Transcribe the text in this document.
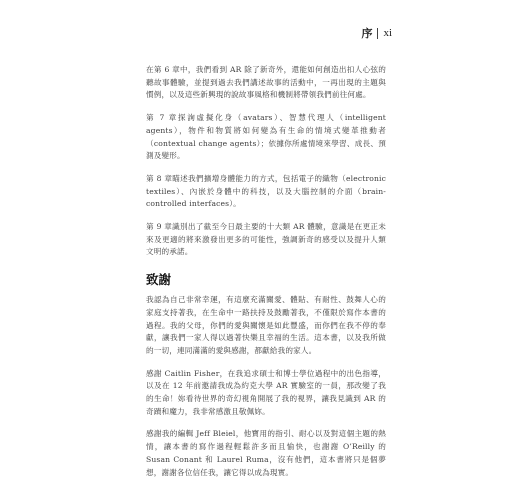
序 xi

在第 6 章中，我們看到 AR 除了新奇外，還能如何創造出扣人心弦的聽故事體驗，並提到過去我們講述故事的活動中，一再出現的主題與慣例，以及這些新興現的說故事風格和機制將帶領我們前往何處。

第 7 章探詢虛擬化身（avatars）、智慧代理人（intelligent agents），物件和物質將如何變為有生命的情境式變革推動者（contextual change agents）；依據你所處情境來學習、成長、預測及變形。

第 8 章瞄述我們擴增身體能力的方式，包括電子的織物（electronic textiles）、內嵌於身體中的科技，以及大腦控制的介面（brain-controlled interfaces）。

第 9 章識別出了截至今日最主要的十大類 AR 體驗，意識是在更正未來及更適的將來激發出更多的可能性，強調新奇的感受以及提升人類文明的承諾。

致謝

我認為自己非常幸運，有這麼充滿關愛、體貼、有耐性、鼓舞人心的家庭支持著我，在生命中一路扶持及鼓勵著我，不僅限於寫作本書的過程。我的父母，你們的愛與關懷是如此豐盛，而你們在我不停的奉獻，讓我們一家人得以過著快樂且幸福的生活。這本書，以及我所做的一切，連同滿滿的愛與感謝，都獻給我的家人。

感謝 Caitlin Fisher，在我追求碩士和博士學位過程中的出色指導，以及在 12 年前邀請我成為約克大學 AR 實驗室的一員，那改變了我的生命！妳看待世界的奇幻視角開展了我的視界，讓我見識到 AR 的奇蹟和魔力，我非常感激且敬佩妳。

感謝我的編輯 Jeff Bleiel，他寶用的指引、耐心以及對這個主題的熱情，讓本書的寫作過程輕鬆許多而且愉快，也謝謝 O’Reilly 的 Susan Conant 和 Laurel Ruma，沒有他們，這本書將只是個夢想，謝謝各位信任我，讓它得以成為現實。
